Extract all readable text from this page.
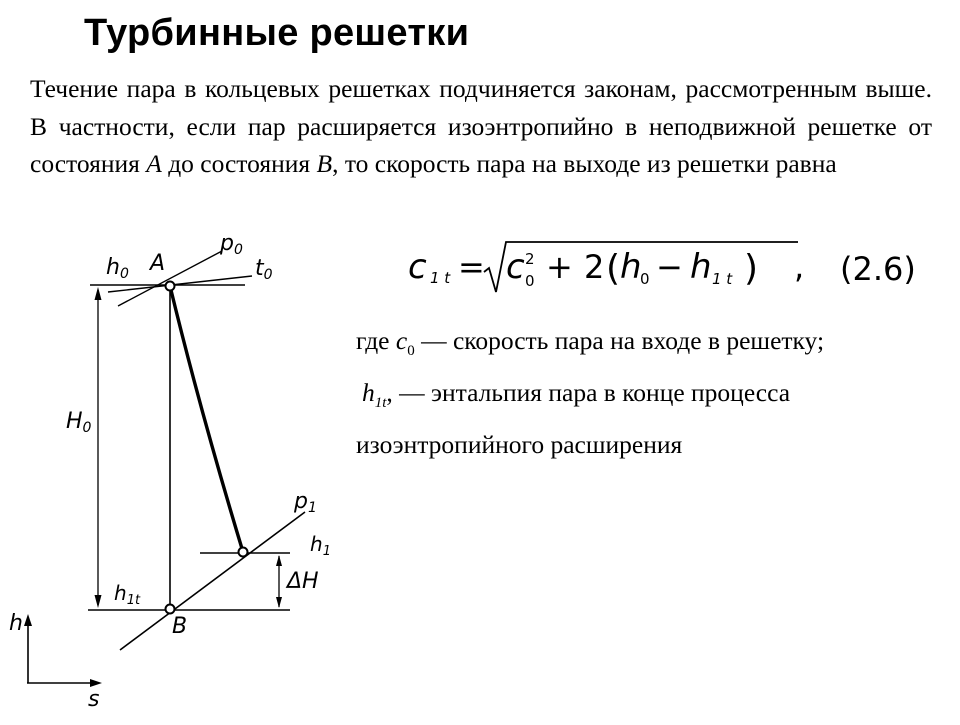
Турбинные решетки
Течение пара в кольцевых решетках подчиняется законам, рассмотренным выше. В частности, если пар расширяется изоэнтропийно в неподвижной решетке от состояния A до состояния B, то скорость пара на выходе из решетки равна
c 1 t = c 2
0 + 2 ( h
0 − h 1 t ) , (2.6)
где $c_0$ — скорость пара на входе в решетку;
$h_{1t}$, — энтальпия пара в конце процесса
изоэнтропийного расширения
h0 A
p0
t0
H0
p1
$h_1$
ΔH
$h_{1t}$
B
h
s
